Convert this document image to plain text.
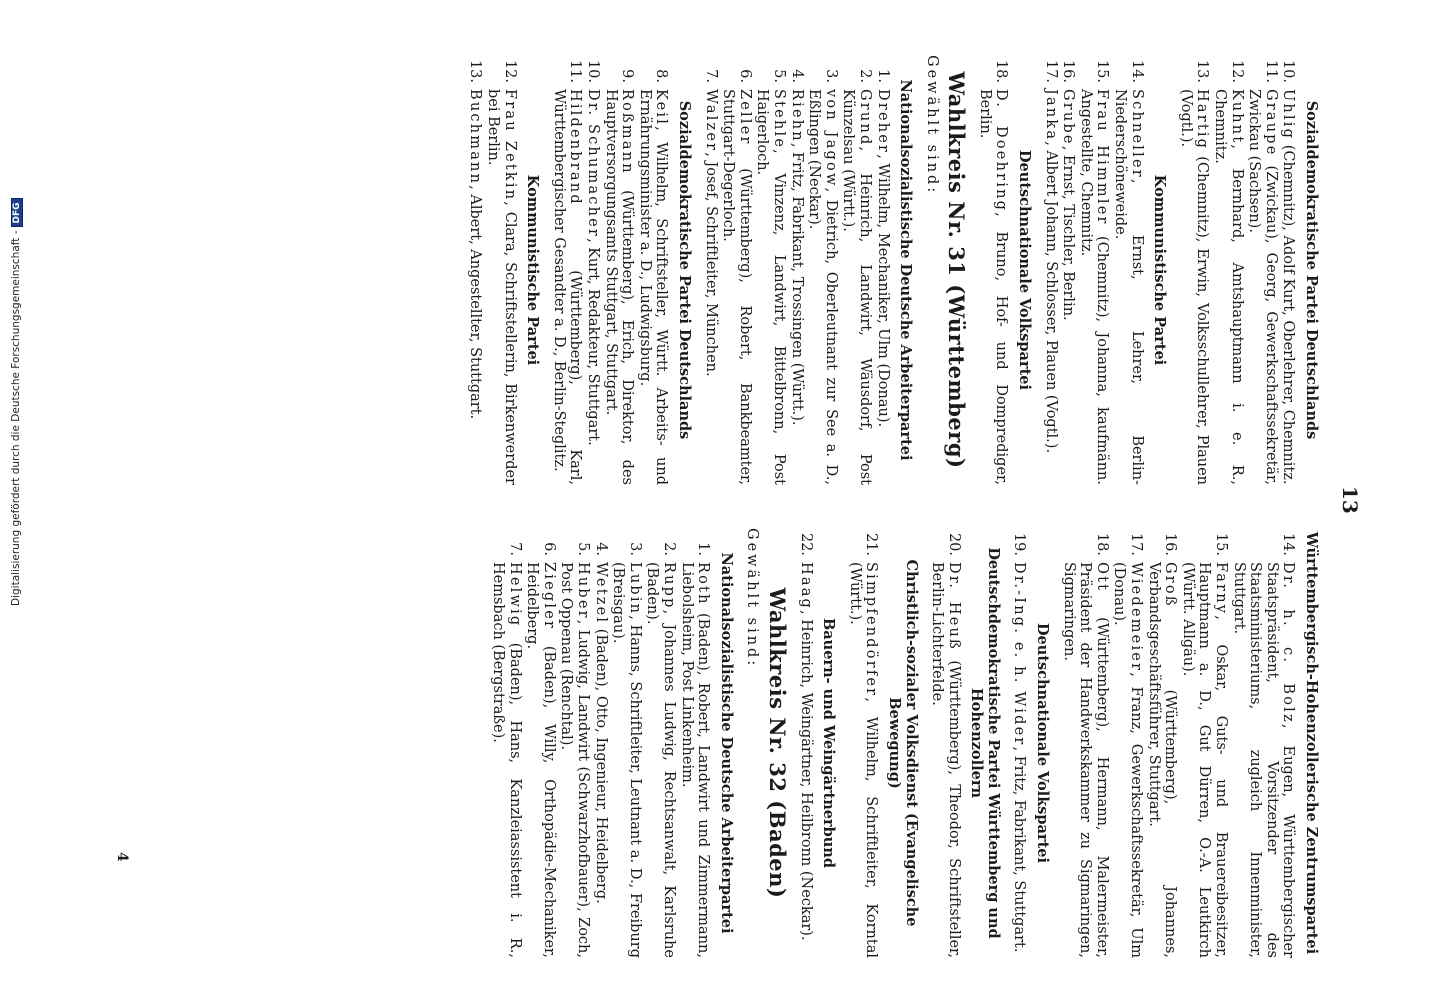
13
Sozialdemokratische Partei Deutschlands
10.
Uhlig (Chemnitz), Adolf Kurt, Oberlehrer, Chemnitz.
11.
Graupe (Zwickau), Georg, Gewerkschaftssekretär, Zwickau (Sachsen).
12.
Kuhnt, Bernhard, Amtshauptmann i. e. R., Chemnitz.
13.
Hartig (Chemnitz), Erwin, Volksschullehrer, Plauen (Vogtl.).
Kommunistische Partei
14.
Schneller, Ernst, Lehrer, Berlin-Niederschöneweide.
15.
Frau Himmler (Chemnitz), Johanna, kaufmänn. Angestellte, Chemnitz.
16.
Grube, Ernst, Tischler, Berlin.
17.
Janka, Albert Johann, Schlosser, Plauen (Vogtl.).
Deutschnationale Volkspartei
18.
D. Doehring, Bruno, Hof- und Domprediger, Berlin.
Wahlkreis Nr. 31 (Württemberg)
Gewählt sind:
Nationalsozialistische Deutsche Arbeiterpartei
1.
Dreher, Wilhelm, Mechaniker, Ulm (Donau).
2.
Grund, Heinrich, Landwirt, Wäusdorf, Post Künzelsau (Württ.).
3.
von Jagow, Dietrich, Oberleutnant zur See a. D., Eßlingen (Neckar).
4.
Riehn, Fritz, Fabrikant, Trossingen (Württ.).
5.
Stehle, Vinzenz, Landwirt, Bittelbronn, Post Haigerloch.
6.
Zeller (Württemberg), Robert, Bankbeamter, Stuttgart-Degerloch.
7.
Walzer, Josef, Schriftleiter, München.
Sozialdemokratische Partei Deutschlands
8.
Keil, Wilhelm, Schriftsteller, Württ. Arbeits- und Ernährungsminister a. D., Ludwigsburg.
9.
Roßmann (Württemberg), Erich, Direktor, des Hauptversorgungsamts Stuttgart, Stuttgart.
10.
Dr. Schumacher, Kurt, Redakteur, Stuttgart.
11.
Hildenbrand (Württemberg), Karl, Württembergischer Gesandter a. D., Berlin-Steglitz.
Kommunistische Partei
12.
Frau Zetkin, Clara, Schriftstellerin, Birkenwerder bei Berlin.
13.
Buchmann, Albert, Angestellter, Stuttgart.
Württembergisch-Hohenzollerische Zentrumspartei
14.
Dr. h. c. Bolz, Eugen, Württembergischer Staatspräsident, Vorsitzender des Staatsministeriums, zugleich Innenminister, Stuttgart.
15.
Farny, Oskar, Guts- und Brauereibesitzer, Hauptmann a. D., Gut Dürren, O.-A. Leutkirch (Württ. Allgäu).
16.
Groß (Württemberg), Johannes, Verbandsgeschäftsführer, Stuttgart.
17.
Wiedemeier, Franz, Gewerkschaftssekretär, Ulm (Donau).
18.
Ott (Württemberg), Hermann, Malermeister, Präsident der Handwerkskammer zu Sigmaringen, Sigmaringen.
Deutschnationale Volkspartei
19.
Dr.-Ing. e. h. Wider, Fritz, Fabrikant, Stuttgart.
Deutschdemokratische Partei Württemberg und Hohenzollern
20.
Dr. Heuß (Württemberg), Theodor, Schriftsteller, Berlin-Lichterfelde.
Christlich-sozialer Volksdienst (Evangelische Bewegung)
21.
Simpfendörfer, Wilhelm, Schriftleiter, Korntal (Württ.).
Bauern- und Weingärtnerbund
22.
Haag, Heinrich, Weingärtner, Heilbronn (Neckar).
Wahlkreis Nr. 32 (Baden)
Gewählt sind:
Nationalsozialistische Deutsche Arbeiterpartei
1.
Roth (Baden), Robert, Landwirt und Zimmermann, Liebolsheim, Post Linkenheim.
2.
Rupp, Johannes Ludwig, Rechtsanwalt, Karlsruhe (Baden).
3.
Lubin, Hanns, Schriftleiter, Leutnant a. D., Freiburg (Breisgau).
4.
Wetzel (Baden), Otto, Ingenieur, Heidelberg.
5.
Huber, Ludwig, Landwirt (Schwarzhofbauer), Zoch, Post Oppenau (Renchtal).
6.
Ziegler (Baden), Willy, Orthopädie-Mechaniker, Heidelberg.
7.
Helwig (Baden), Hans, Kanzleiassistent i. R., Hemsbach (Bergstraße).
4
Digitalisierung gefördert durch die Deutsche Forschungsgemeinschaft -DFG
